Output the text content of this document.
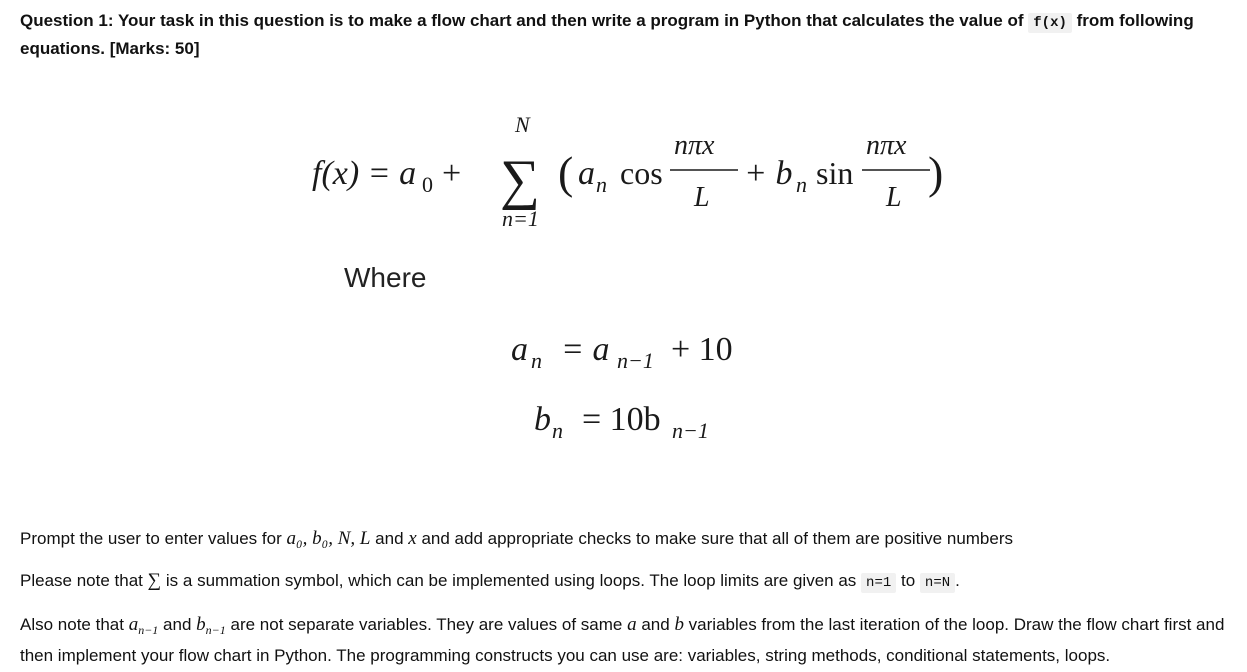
Question 1: Your task in this question is to make a flow chart and then write a program in Python that calculates the value of f(x) from following equations. [Marks: 50]

f(x) = a 0 +
N
∑
n=1
( a n cos
nπx
L
+ b n sin
nπx
L )
Where
a n = a n−1 + 10
b n = 10b n−1

Prompt the user to enter values for a₀, b₀, N, L and x and add appropriate checks to make sure that all of them are positive numbers

Please note that ∑ is a summation symbol, which can be implemented using loops. The loop limits are given as n=1 to n=N .

Also note that $a_{n-1}$ and $b_{n-1}$ are not separate variables. They are values of same a and b variables from the last iteration of the loop. Draw the flow chart first and then implement your flow chart in Python. The programming constructs you can use are: variables, string methods, conditional statements, loops.
